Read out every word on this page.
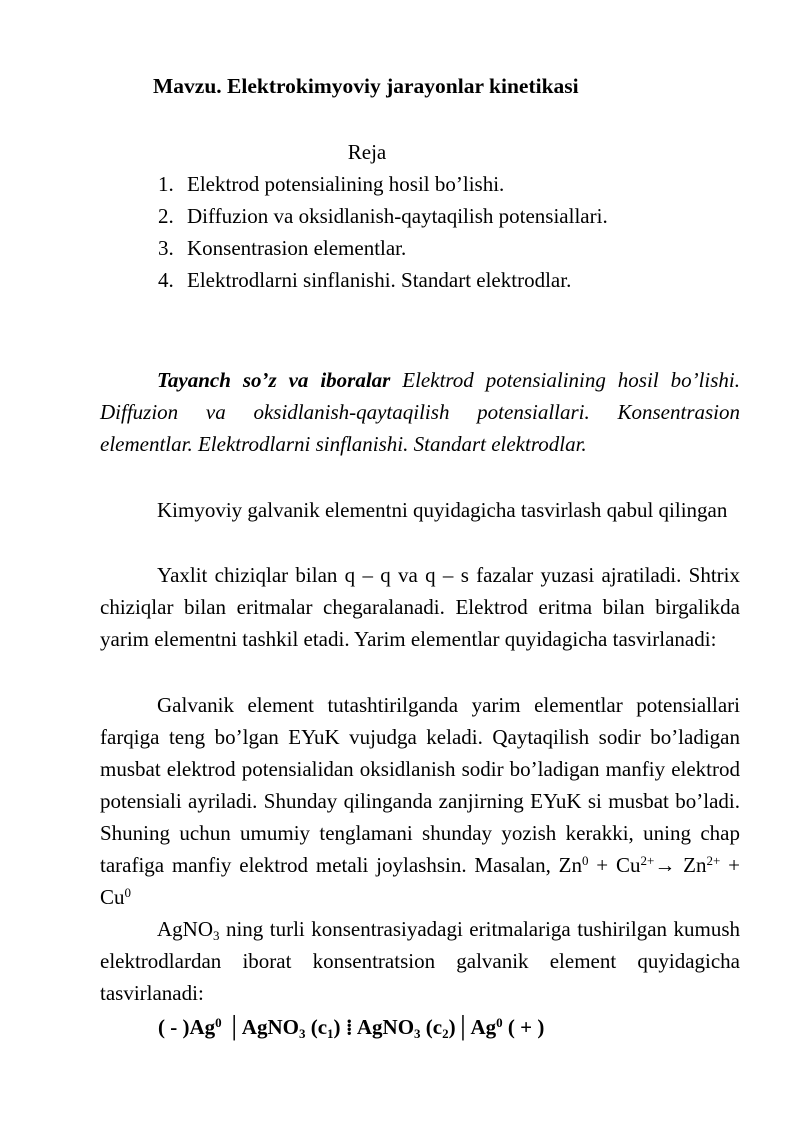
Mavzu. Elektrokimyoviy jarayonlar kinetikasi
Reja
1. Elektrod potensialining hosil bo’lishi.
2. Diffuzion va oksidlanish-qaytaqilish potensiallari.
3. Konsentrasion elementlar.
4. Elektrodlarni sinflanishi. Standart elektrodlar.

Tayanch so’z va iboralar Elektrod potensialining hosil bo’lishi. Diffuzion va oksidlanish-qaytaqilish potensiallari. Konsentrasion elementlar. Elektrodlarni sinflanishi. Standart elektrodlar.

Kimyoviy galvanik elementni quyidagicha tasvirlash qabul qilingan

Yaxlit chiziqlar bilan q – q va q – s fazalar yuzasi ajratiladi. Shtrix chiziqlar bilan eritmalar chegaralanadi. Elektrod eritma bilan birgalikda yarim elementni tashkil etadi. Yarim elementlar quyidagicha tasvirlanadi:

Galvanik element tutashtirilganda yarim elementlar potensiallari farqiga teng bo’lgan EYuK vujudga keladi. Qaytaqilish sodir bo’ladigan musbat elektrod potensialidan oksidlanish sodir bo’ladigan manfiy elektrod potensiali ayriladi. Shunday qilinganda zanjirning EYuK si musbat bo’ladi. Shuning uchun umumiy tenglamani shunday yozish kerakki, uning chap tarafiga manfiy elektrod metali joylashsin. Masalan, $Zn^0 + Cu^{2+}\to Zn^{2+} + Cu^0$

AgNO$_3$ ning turli konsentrasiyadagi eritmalariga tushirilgan kumush elektrodlardan iborat konsentratsion galvanik element quyidagicha tasvirlanadi:

( - )Ag$^0$ │AgNO$_3$ $(c_1)$ ⁞ AgNO$_3$ $(c_2)│Ag^0$ ( + )
